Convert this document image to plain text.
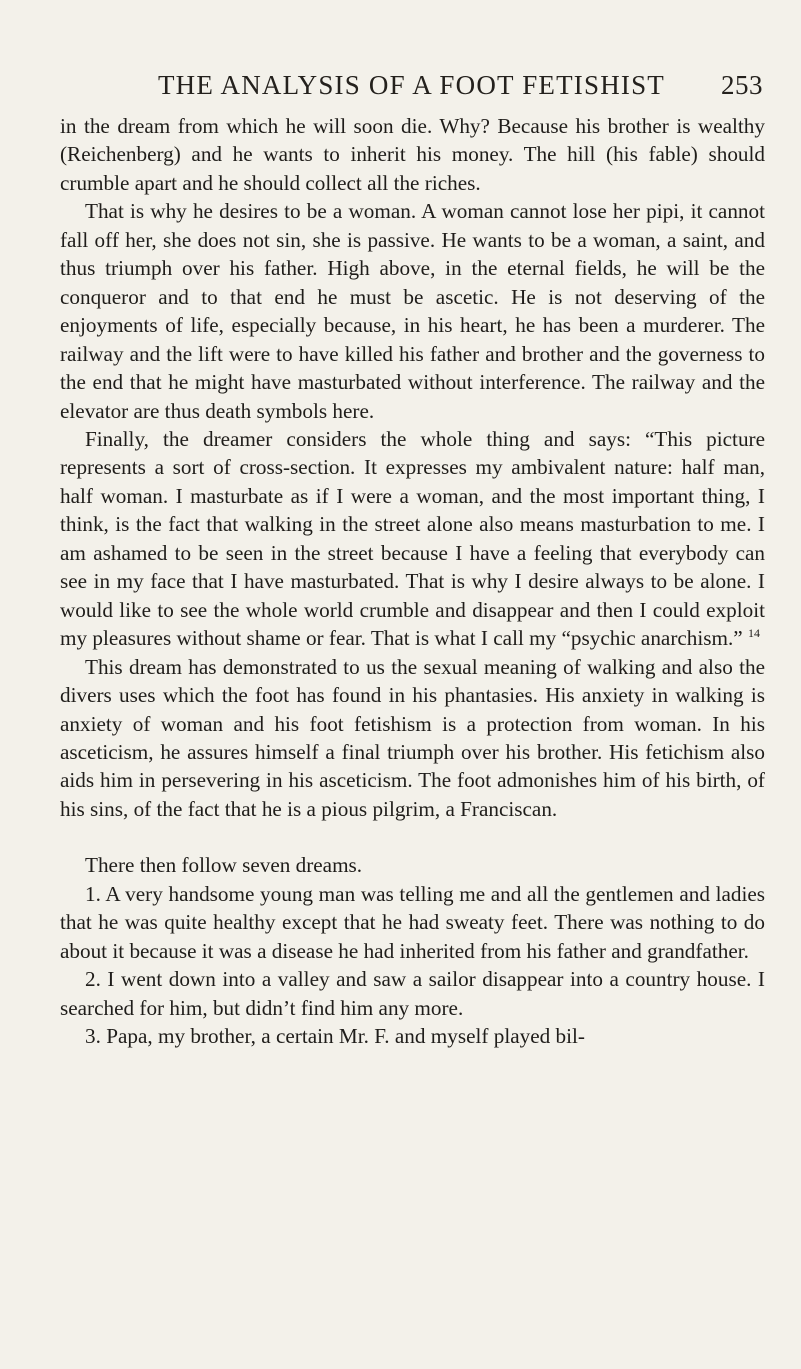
THE ANALYSIS OF A FOOT FETISHIST	253

in the dream from which he will soon die. Why? Because his brother is wealthy (Reichenberg) and he wants to inherit his money. The hill (his fable) should crumble apart and he should collect all the riches.

That is why he desires to be a woman. A woman cannot lose her pipi, it cannot fall off her, she does not sin, she is passive. He wants to be a woman, a saint, and thus triumph over his father. High above, in the eternal fields, he will be the conqueror and to that end he must be ascetic. He is not deserving of the enjoyments of life, especially because, in his heart, he has been a murderer. The railway and the lift were to have killed his father and brother and the governess to the end that he might have masturbated without interference. The railway and the elevator are thus death symbols here.

Finally, the dreamer considers the whole thing and says: “This picture represents a sort of cross-section. It expresses my ambivalent nature: half man, half woman. I masturbate as if I were a woman, and the most important thing, I think, is the fact that walking in the street alone also means masturbation to me. I am ashamed to be seen in the street because I have a feeling that everybody can see in my face that I have masturbated. That is why I desire always to be alone. I would like to see the whole world crumble and disappear and then I could exploit my pleasures without shame or fear. That is what I call my “psychic anarchism.” $^{14}$

This dream has demonstrated to us the sexual meaning of walking and also the divers uses which the foot has found in his phantasies. His anxiety in walking is anxiety of woman and his foot fetishism is a protection from woman. In his asceticism, he assures himself a final triumph over his brother. His fetichism also aids him in persevering in his asceticism. The foot admonishes him of his birth, of his sins, of the fact that he is a pious pilgrim, a Franciscan.

There then follow seven dreams.

1. A very handsome young man was telling me and all the gentlemen and ladies that he was quite healthy except that he had sweaty feet. There was nothing to do about it because it was a disease he had inherited from his father and grandfather.

2. I went down into a valley and saw a sailor disappear into a country house. I searched for him, but didn’t find him any more.

3. Papa, my brother, a certain Mr. F. and myself played bil-
